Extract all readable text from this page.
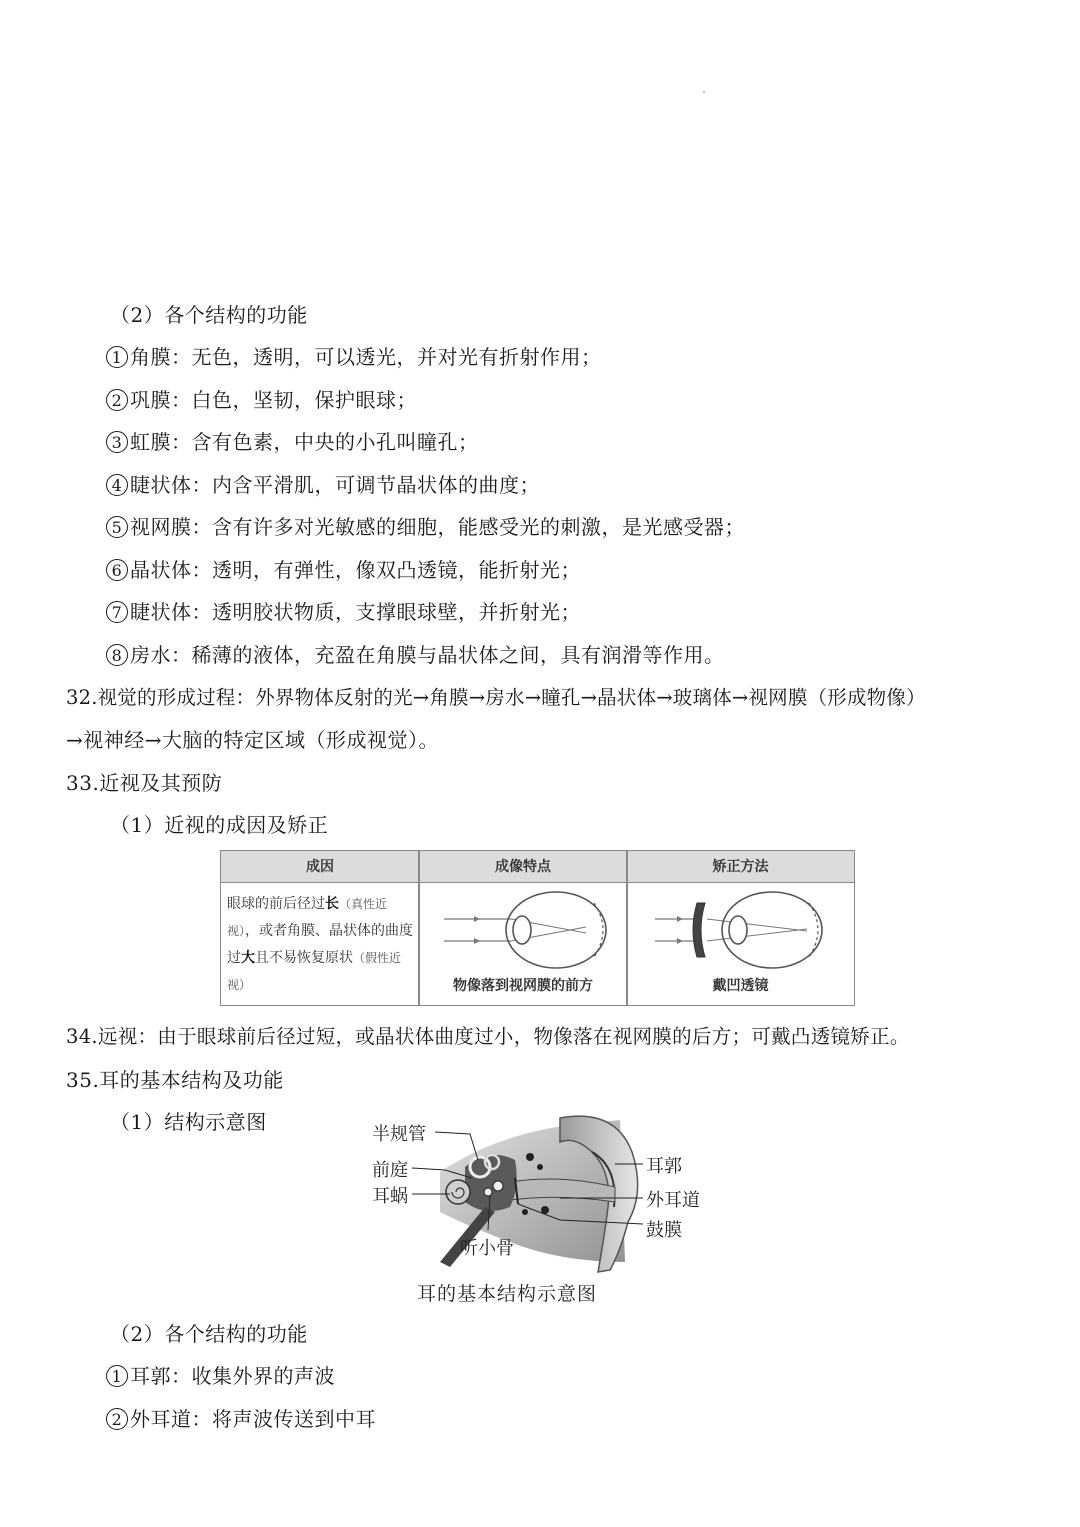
（2）各个结构的功能
1 角膜：无色，透明，可以透光，并对光有折射作用；
2 巩膜：白色，坚韧，保护眼球；
3 虹膜：含有色素，中央的小孔叫瞳孔；
4 睫状体：内含平滑肌，可调节晶状体的曲度；
5 视网膜：含有许多对光敏感的细胞，能感受光的刺激，是光感受器；
6 晶状体：透明，有弹性，像双凸透镜，能折射光；
7 睫状体：透明胶状物质，支撑眼球壁，并折射光；
8 房水：稀薄的液体，充盈在角膜与晶状体之间，具有润滑等作用。
32.视觉的形成过程：外界物体反射的光→角膜→房水→瞳孔→晶状体→玻璃体→视网膜（形成物像）
→视神经→大脑的特定区域（形成视觉）。
33.近视及其预防
（1）近视的成因及矫正
成因	成像特点	矫正方法
眼球的前后径过长（真性近视），或者角膜、晶状体的曲度过大且不易恢复原状（假性近视）	物像落到视网膜的前方	戴凹透镜
34.远视：由于眼球前后径过短，或晶状体曲度过小，物像落在视网膜的后方；可戴凸透镜矫正。
35.耳的基本结构及功能
（1）结构示意图
半规管
前庭
耳蜗
听小骨
耳郭
外耳道
鼓膜
耳的基本结构示意图
（2）各个结构的功能
1 耳郭：收集外界的声波
2 外耳道：将声波传送到中耳
